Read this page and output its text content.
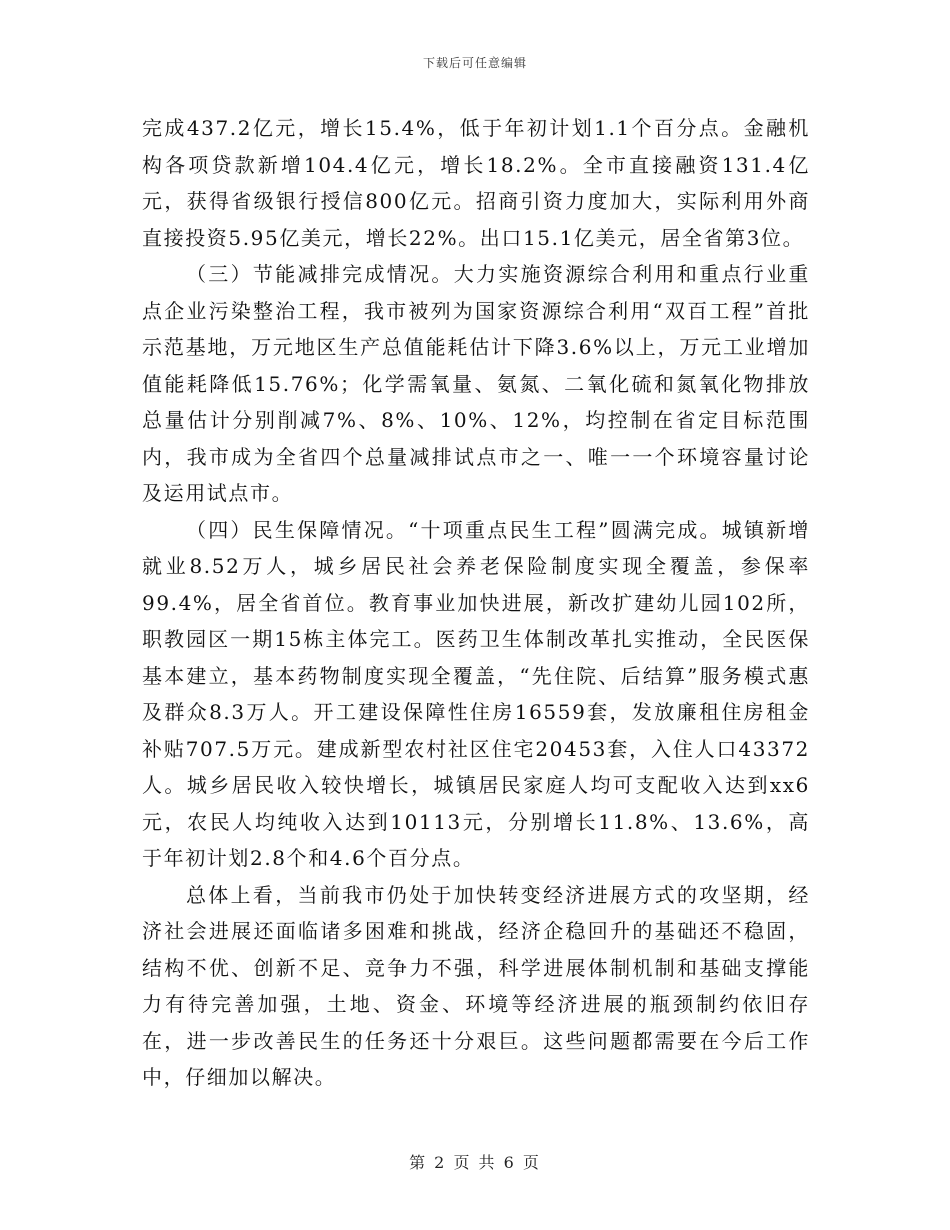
下载后可任意编辑

完成437.2亿元，增长15.4%，低于年初计划1.1个百分点。金融机构各项贷款新增104.4亿元，增长18.2%。全市直接融资131.4亿元，获得省级银行授信800亿元。招商引资力度加大，实际利用外商直接投资5.95亿美元，增长22%。出口15.1亿美元，居全省第3位。

（三）节能减排完成情况。大力实施资源综合利用和重点行业重点企业污染整治工程，我市被列为国家资源综合利用“双百工程”首批示范基地，万元地区生产总值能耗估计下降3.6%以上，万元工业增加值能耗降低15.76%；化学需氧量、氨氮、二氧化硫和氮氧化物排放总量估计分别削减7%、8%、10%、12%，均控制在省定目标范围内，我市成为全省四个总量减排试点市之一、唯一一个环境容量讨论及运用试点市。

（四）民生保障情况。“十项重点民生工程”圆满完成。城镇新增就业8.52万人，城乡居民社会养老保险制度实现全覆盖，参保率99.4%，居全省首位。教育事业加快进展，新改扩建幼儿园102所，职教园区一期15栋主体完工。医药卫生体制改革扎实推动，全民医保基本建立，基本药物制度实现全覆盖，“先住院、后结算”服务模式惠及群众8.3万人。开工建设保障性住房16559套，发放廉租住房租金补贴707.5万元。建成新型农村社区住宅20453套，入住人口43372人。城乡居民收入较快增长，城镇居民家庭人均可支配收入达到xx6元，农民人均纯收入达到10113元，分别增长11.8%、13.6%，高于年初计划2.8个和4.6个百分点。

总体上看，当前我市仍处于加快转变经济进展方式的攻坚期，经济社会进展还面临诸多困难和挑战，经济企稳回升的基础还不稳固，结构不优、创新不足、竞争力不强，科学进展体制机制和基础支撑能力有待完善加强，土地、资金、环境等经济进展的瓶颈制约依旧存在，进一步改善民生的任务还十分艰巨。这些问题都需要在今后工作中，仔细加以解决。

第 2 页 共 6 页
